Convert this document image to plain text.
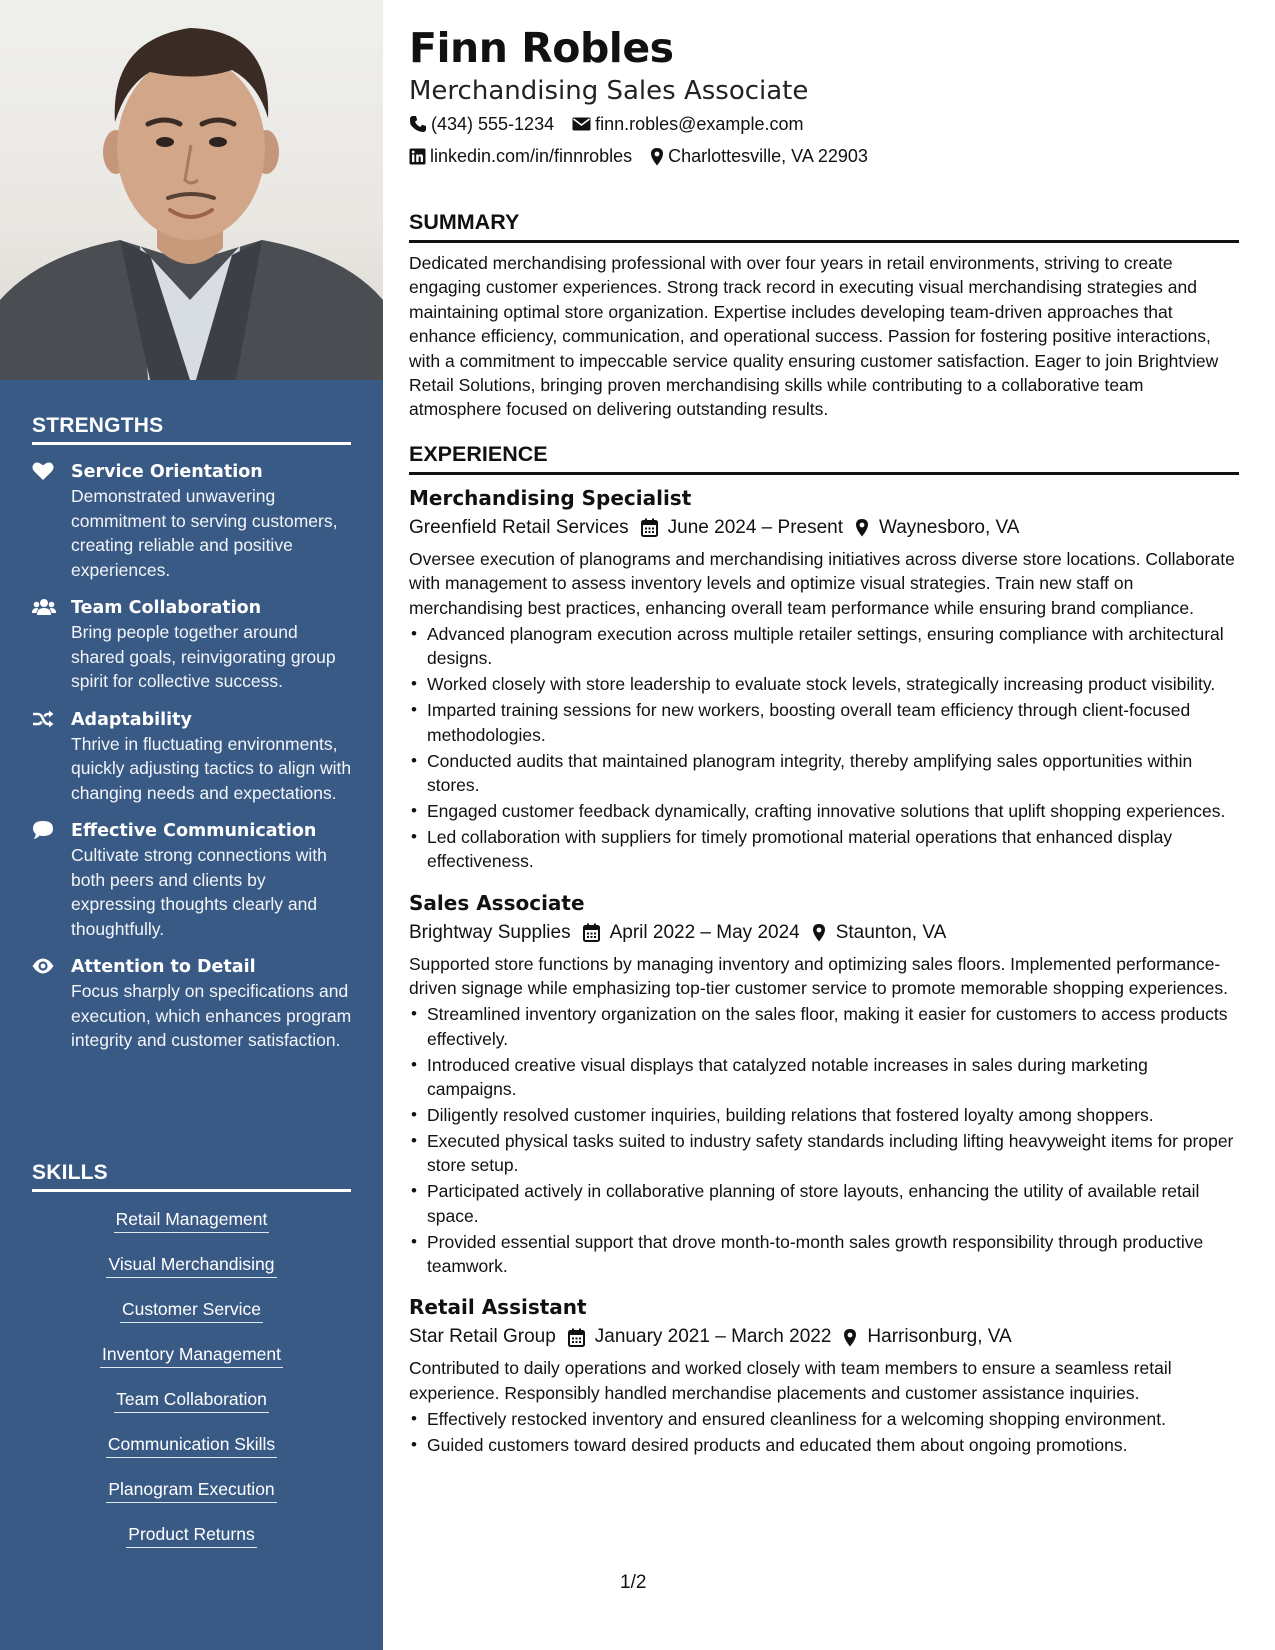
STRENGTHS
Service Orientation
Demonstrated unwavering commitment to serving customers, creating reliable and positive experiences.
Team Collaboration
Bring people together around shared goals, reinvigorating group spirit for collective success.
Adaptability
Thrive in fluctuating environments, quickly adjusting tactics to align with changing needs and expectations.
Effective Communication
Cultivate strong connections with both peers and clients by expressing thoughts clearly and thoughtfully.
Attention to Detail
Focus sharply on specifications and execution, which enhances program integrity and customer satisfaction.
SKILLS
Retail Management
Visual Merchandising
Customer Service
Inventory Management
Team Collaboration
Communication Skills
Planogram Execution
Product Returns
Finn Robles
Merchandising Sales Associate
(434) 555-1234 finn.robles@example.com
linkedin.com/in/finnrobles Charlottesville, VA 22903
SUMMARY

Dedicated merchandising professional with over four years in retail environments, striving to create engaging customer experiences. Strong track record in executing visual merchandising strategies and maintaining optimal store organization. Expertise includes developing team-driven approaches that enhance efficiency, communication, and operational success. Passion for fostering positive interactions, with a commitment to impeccable service quality ensuring customer satisfaction. Eager to join Brightview Retail Solutions, bringing proven merchandising skills while contributing to a collaborative team atmosphere focused on delivering outstanding results.

EXPERIENCE
Merchandising Specialist
Greenfield Retail Services June 2024 – Present Waynesboro, VA

Oversee execution of planograms and merchandising initiatives across diverse store locations. Collaborate with management to assess inventory levels and optimize visual strategies. Train new staff on merchandising best practices, enhancing overall team performance while ensuring brand compliance.

• Advanced planogram execution across multiple retailer settings, ensuring compliance with architectural designs.
• Worked closely with store leadership to evaluate stock levels, strategically increasing product visibility.
• Imparted training sessions for new workers, boosting overall team efficiency through client-focused methodologies.
• Conducted audits that maintained planogram integrity, thereby amplifying sales opportunities within stores.
• Engaged customer feedback dynamically, crafting innovative solutions that uplift shopping experiences.
• Led collaboration with suppliers for timely promotional material operations that enhanced display effectiveness.
Sales Associate
Brightway Supplies April 2022 – May 2024 Staunton, VA

Supported store functions by managing inventory and optimizing sales floors. Implemented performance-driven signage while emphasizing top-tier customer service to promote memorable shopping experiences.

• Streamlined inventory organization on the sales floor, making it easier for customers to access products effectively.
• Introduced creative visual displays that catalyzed notable increases in sales during marketing campaigns.
• Diligently resolved customer inquiries, building relations that fostered loyalty among shoppers.
• Executed physical tasks suited to industry safety standards including lifting heavyweight items for proper store setup.
• Participated actively in collaborative planning of store layouts, enhancing the utility of available retail space.
• Provided essential support that drove month-to-month sales growth responsibility through productive teamwork.
Retail Assistant
Star Retail Group January 2021 – March 2022 Harrisonburg, VA

Contributed to daily operations and worked closely with team members to ensure a seamless retail experience. Responsibly handled merchandise placements and customer assistance inquiries.

• Effectively restocked inventory and ensured cleanliness for a welcoming shopping environment.
• Guided customers toward desired products and educated them about ongoing promotions.
1/2
